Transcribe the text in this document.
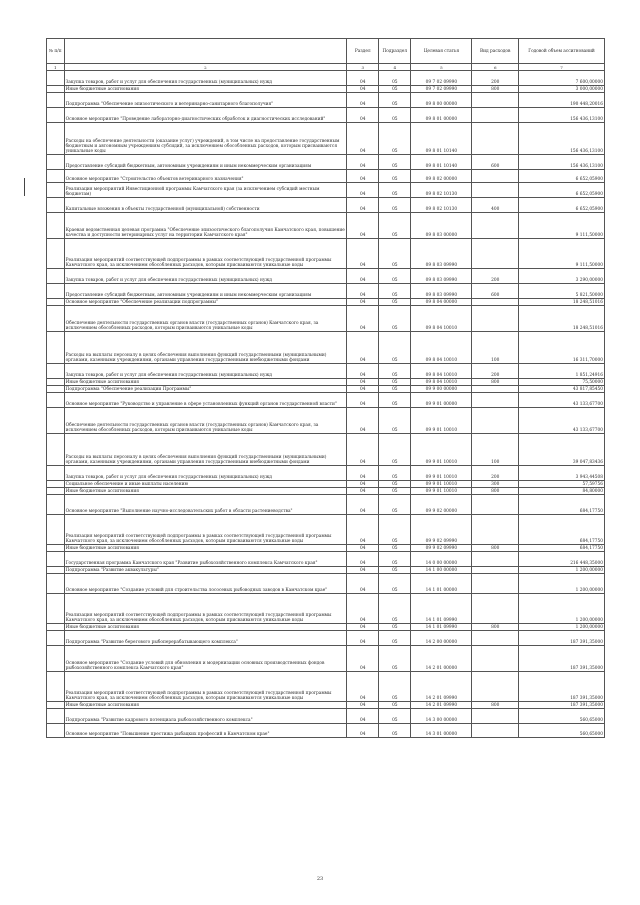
№ п/п		Раздел	Подраздел	Целевая статья	Вид расходов	Годовой объем ассигнований
1	2	3	4	5	6	7
	Закупка товаров, работ и услуг для обеспечения государственных (муниципальных) нужд	04	05	09 7 02 09990	200	7 600,00000
	Иные бюджетные ассигнования	04	05	09 7 02 09990	800	3 000,00000
	Подпрограмма "Обеспечение эпизоотического и ветеринарно-санитарного благополучия"	04	05	09 8 00 00000		190 448,20016
	Основное мероприятие "Проведение лабораторно-диагностических обработок и диагностических исследований"	04	05	09 8 01 00000		156 436,13100
	Расходы на обеспечение деятельности (оказание услуг) учреждений, в том числе на предоставление государственным бюджетным и автономным учреждениям субсидий, за исключением обособленных расходов, которым присваиваются уникальные коды	04	05	09 8 01 10140		156 436,13100
	Предоставление субсидий бюджетным, автономным учреждениям и иным некоммерческим организациям	04	05	09 8 01 10140	600	156 436,13100
	Основное мероприятие "Строительство объектов ветеринарного назначения"	04	05	09 8 02 00000		6 652,05900
	Реализация мероприятий Инвестиционной программы Камчатского края (за исключением субсидий местным бюджетам)	04	05	09 8 02 10130		6 652,05900
	Капитальные вложения в объекты государственной (муниципальной) собственности	04	05	09 8 02 10130	400	6 652,05900
	Краевая ведомственная целевая программа "Обеспечение эпизоотического благополучия Камчатского края, повышение качества и доступности ветеринарных услуг на территории Камчатского края"	04	05	09 8 03 00000		9 111,50000
	Реализация мероприятий соответствующей подпрограммы в рамках соответствующей государственной программы Камчатского края, за исключением обособленных расходов, которым присваиваются уникальные коды	04	05	09 8 03 09990		9 111,50000
	Закупка товаров, работ и услуг для обеспечения государственных (муниципальных) нужд	04	05	09 8 03 09990	200	3 290,00000
	Предоставление субсидий бюджетным, автономным учреждениям и иным некоммерческим организациям	04	05	09 8 03 09990	600	5 821,50000
	Основное мероприятие "Обеспечение реализации подпрограммы"	04	05	09 8 04 00000		18 248,51016
	Обеспечение деятельности государственных органов власти (государственных органов) Камчатского края, за исключением обособленных расходов, которым присваиваются уникальные коды	04	05	09 8 04 10010		18 248,51016
	Расходы на выплаты персоналу в целях обеспечения выполнения функций государственными (муниципальными) органами, казенными учреждениями, органами управления государственными внебюджетными фондами	04	05	09 8 04 10010	100	16 311,70000
	Закупка товаров, работ и услуг для обеспечения государственных (муниципальных) нужд	04	05	09 8 04 10010	200	1 851,24916
	Иные бюджетные ассигнования	04	05	09 8 04 10010	800	75,50000
	Подпрограмма "Обеспечение реализации Программы"	04	05	09 9 00 00000		43 817,85450
	Основное мероприятие "Руководство и управление в сфере установленных функций органов государственной власти"	04	05	09 9 01 00000		43 133,67700
	Обеспечение деятельности государственных органов власти (государственных органов) Камчатского края, за исключением обособленных расходов, которым присваиваются уникальные коды	04	05	09 9 01 10010		43 133,67700
	Расходы на выплаты персоналу в целях обеспечения выполнения функций государственными (муниципальными) органами, казенными учреждениями, органами управления государственными внебюджетными фондами	04	05	09 9 01 10010	100	39 047,83436
	Закупка товаров, работ и услуг для обеспечения государственных (муниципальных) нужд	04	05	09 9 01 10010	200	3 943,44508
	Социальное обеспечение и иные выплаты населению	04	05	09 9 01 10010	300	57,59756
	Иные бюджетные ассигнования	04	05	09 9 01 10010	800	84,80000
	Основное мероприятие "Выполнение научно-исследовательских работ в области растениеводства"	04	05	09 9 02 00000		684,17750
	Реализация мероприятий соответствующей подпрограммы в рамках соответствующей государственной программы Камчатского края, за исключением обособленных расходов, которым присваиваются уникальные коды	04	05	09 9 02 09990		684,17750
	Иные бюджетные ассигнования	04	05	09 9 02 09990	800	684,17750
	Государственная программа Камчатского края "Развитие рыбохозяйственного комплекса Камчатского края"	04	05	14 0 00 00000		216 448,35000
	Подпрограмма "Развитие аквакультуры"	04	05	14 1 00 00000		1 200,00000
	Основное мероприятие "Создание условий для строительства лососевых рыбоводных заводов в Камчатском крае"	04	05	14 1 01 00000		1 200,00000
	Реализация мероприятий соответствующей подпрограммы в рамках соответствующей государственной программы Камчатского края, за исключением обособленных расходов, которым присваиваются уникальные коды	04	05	14 1 01 09990		1 200,00000
	Иные бюджетные ассигнования	04	05	14 1 01 09990	800	1 200,00000
	Подпрограмма "Развитие берегового рыбоперерабатывающего комплекса"	04	05	14 2 00 00000		187 391,35000
	Основное мероприятие "Создание условий для обновления и модернизации основных производственных фондов рыбохозяйственного комплекса Камчатского края"	04	05	14 2 01 00000		187 391,35000
	Реализация мероприятий соответствующей подпрограммы в рамках соответствующей государственной программы Камчатского края, за исключением обособленных расходов, которым присваиваются уникальные коды	04	05	14 2 01 09990		187 391,35000
	Иные бюджетные ассигнования	04	05	14 2 01 09990	800	187 391,35000
	Подпрограмма "Развитие кадрового потенциала рыбохозяйственного комплекса"	04	05	14 3 00 00000		560,65000
	Основное мероприятие "Повышение престижа рыбацких профессий в Камчатском крае"	04	05	14 3 01 00000		560,65000
23
